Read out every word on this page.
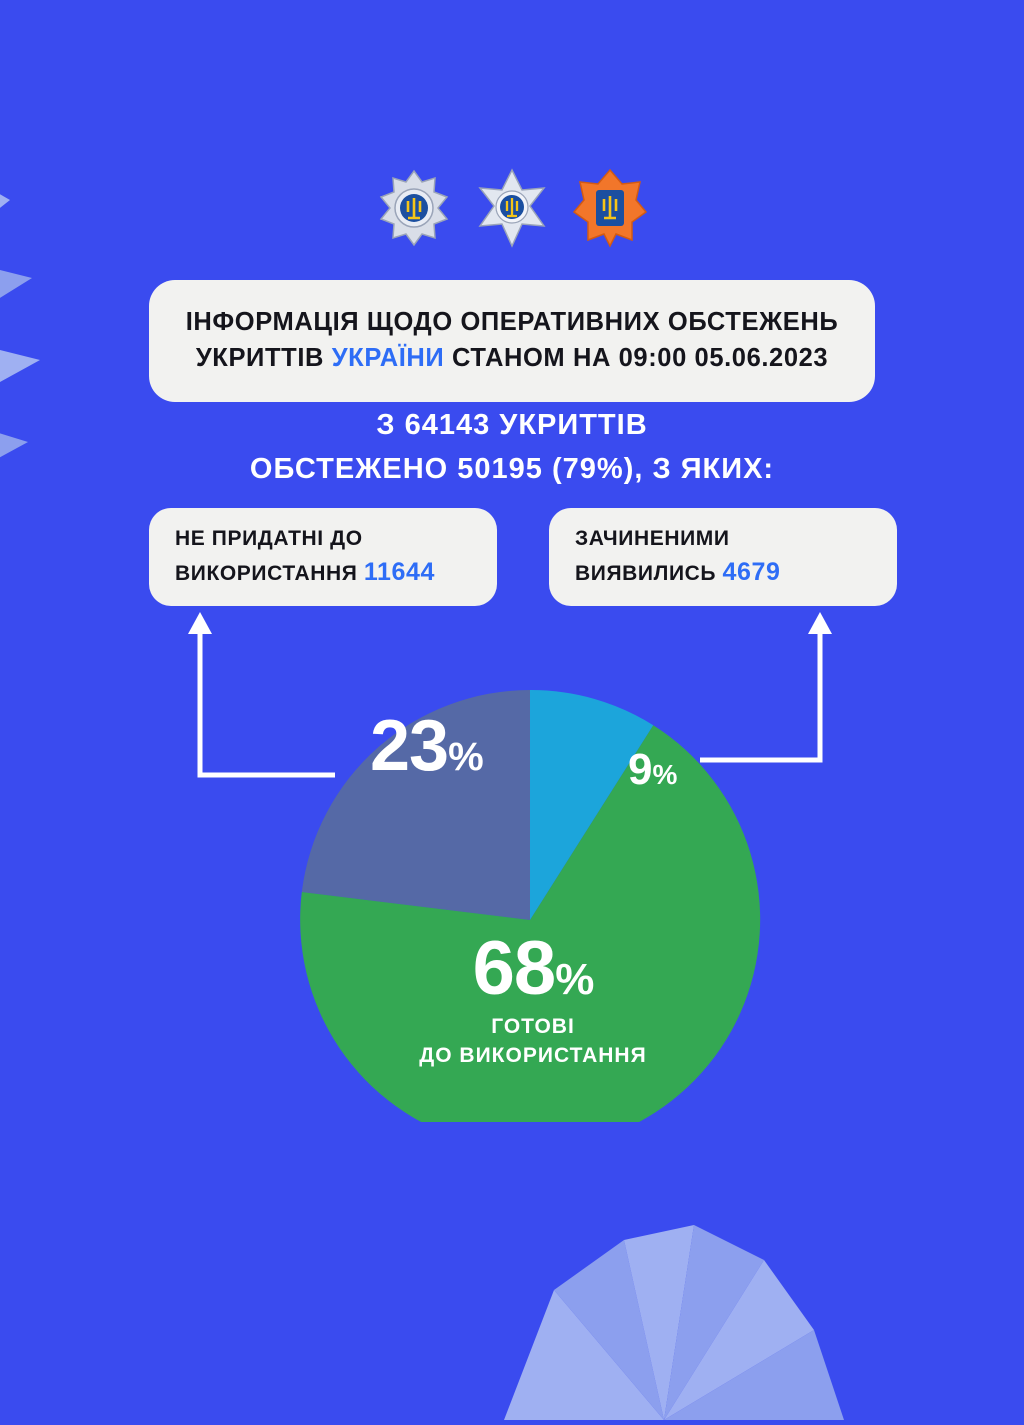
ІНФОРМАЦІЯ ЩОДО ОПЕРАТИВНИХ ОБСТЕЖЕНЬ
УКРИТТІВ УКРАЇНИ СТАНОМ НА 09:00 05.06.2023
З 64143 УКРИТТІВ
ОБСТЕЖЕНО 50195 (79%), З ЯКИХ:
НЕ ПРИДАТНІ ДО
ВИКОРИСТАННЯ 11644
ЗАЧИНЕНИМИ
ВИЯВИЛИСЬ 4679
23%	9%
68%
ГОТОВІ
ДО ВИКОРИСТАННЯ
